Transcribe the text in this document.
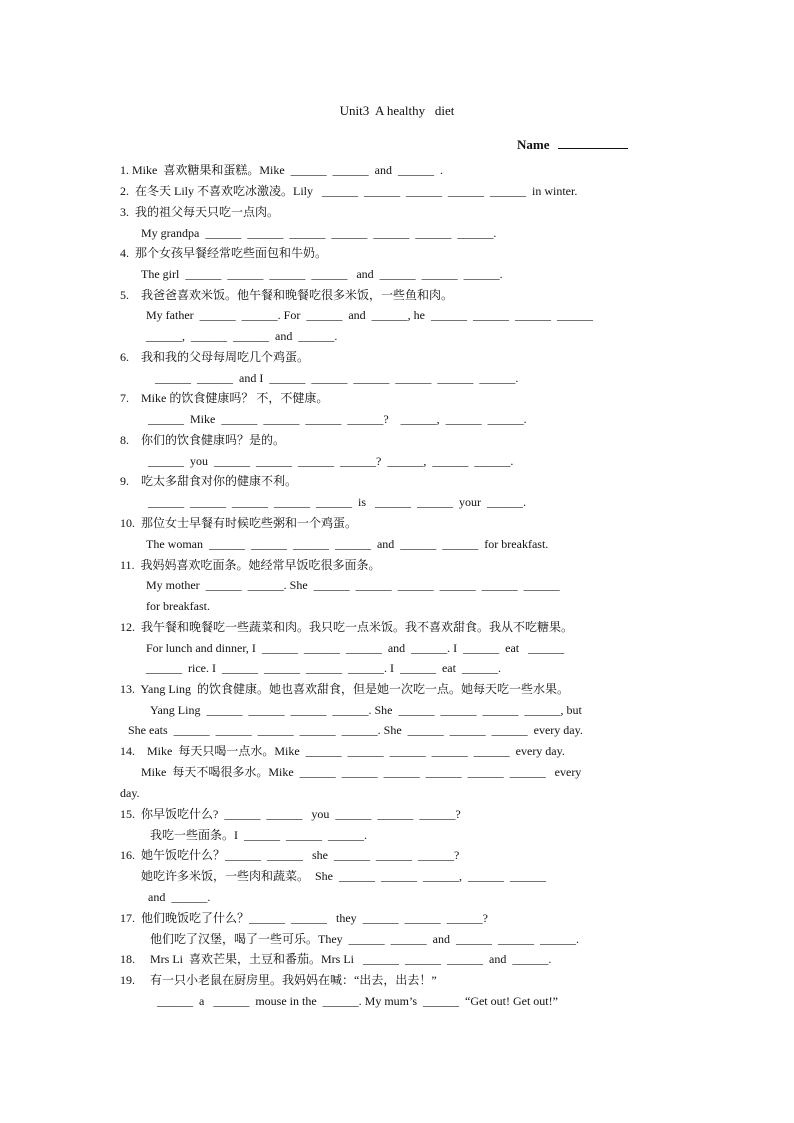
Unit3  A healthy   diet
Name
1. Mike  喜欢糖果和蛋糕。Mike  ______  ______  and  ______  .
2.  在冬天 Lily 不喜欢吃冰激凌。Lily   ______  ______  ______  ______  ______  in winter.
3.  我的祖父每天只吃一点肉。
My grandpa  ______  ______  ______  ______  ______  ______  ______.
4.  那个女孩早餐经常吃些面包和牛奶。
The girl  ______  ______  ______  ______   and  ______  ______  ______.
5.    我爸爸喜欢米饭。他午餐和晚餐吃很多米饭，一些鱼和肉。
My father  ______  ______. For  ______  and  ______, he  ______  ______  ______  ______
______,  ______  ______  and  ______.
6.    我和我的父母每周吃几个鸡蛋。
______  ______  and I  ______  ______  ______  ______  ______  ______.
7.    Mike 的饮食健康吗？ 不，不健康。
______  Mike  ______  ______  ______  ______?    ______,  ______  ______.
8.    你们的饮食健康吗？是的。
______  you  ______  ______  ______  ______?  ______,  ______  ______.
9.    吃太多甜食对你的健康不利。
______  ______  ______  ______  ______  is   ______  ______  your  ______.
10.  那位女士早餐有时候吃些粥和一个鸡蛋。
The woman  ______  ______  ______  ______  and  ______  ______  for breakfast.
11.  我妈妈喜欢吃面条。她经常早饭吃很多面条。
My mother  ______  ______. She  ______  ______  ______  ______  ______  ______
for breakfast.
12.  我午餐和晚餐吃一些蔬菜和肉。我只吃一点米饭。我不喜欢甜食。我从不吃糖果。
For lunch and dinner, I  ______  ______  ______  and  ______. I  ______  eat   ______
______  rice. I  ______  ______  ______  ______. I  ______  eat  ______.
13.  Yang Ling  的饮食健康。她也喜欢甜食，但是她一次吃一点。她每天吃一些水果。
Yang Ling  ______  ______  ______  ______. She  ______  ______  ______  ______, but
She eats  ______  ______  ______  ______  ______. She  ______  ______  ______  every day.
14.    Mike  每天只喝一点水。Mike  ______  ______  ______  ______  ______  every day.
Mike  每天不喝很多水。Mike  ______  ______  ______  ______  ______  ______   every
day.
15.  你早饭吃什么?  ______  ______   you  ______  ______  ______?
我吃一些面条。I  ______  ______  ______.
16.  她午饭吃什么？______  ______   she  ______  ______  ______?
她吃许多米饭，一些肉和蔬菜。  She  ______  ______  ______,  ______  ______
and  ______.
17.  他们晚饭吃了什么？______  ______   they  ______  ______  ______?
他们吃了汉堡，喝了一些可乐。They  ______  ______  and  ______  ______  ______.
18.     Mrs Li  喜欢芒果，土豆和番茄。Mrs Li   ______  ______  ______  and  ______.
19.     有一只小老鼠在厨房里。我妈妈在喊：“出去，出去！”
______  a   ______  mouse in the  ______. My mum’s  ______  “Get out! Get out!”
